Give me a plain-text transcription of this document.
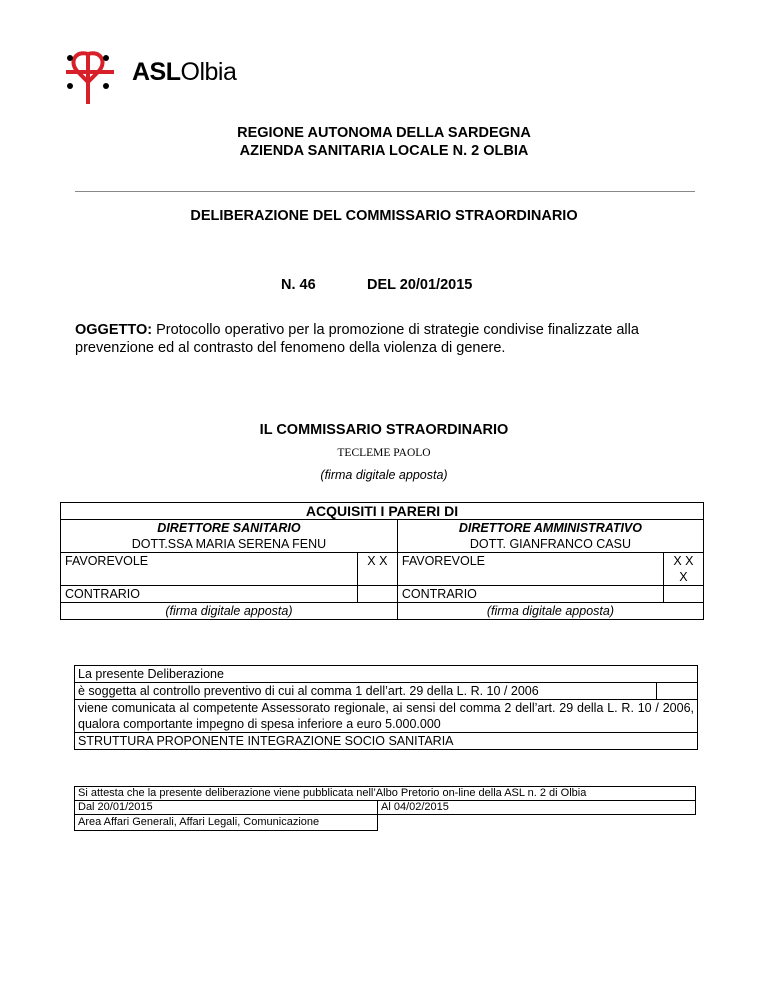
ASLOlbia
REGIONE AUTONOMA DELLA SARDEGNA
AZIENDA SANITARIA LOCALE N. 2 OLBIA
DELIBERAZIONE DEL COMMISSARIO STRAORDINARIO
N. 46	DEL 20/01/2015
OGGETTO: Protocollo operativo per la promozione di strategie condivise finalizzate alla prevenzione ed al contrasto del fenomeno della violenza di genere.
IL COMMISSARIO STRAORDINARIO
TECLEME PAOLO
(firma digitale apposta)
ACQUISITI I PARERI DI			
DIRETTORE SANITARIO		DIRETTORE AMMINISTRATIVO	
DOTT.SSA MARIA SERENA FENU		DOTT. GIANFRANCO CASU	
FAVOREVOLE	X X	FAVOREVOLE	X X
X
CONTRARIO		CONTRARIO	
(firma digitale apposta)		(firma digitale apposta)	
La presente Deliberazione
è soggetta al controllo preventivo di cui al comma 1 dell’art. 29 della L. R. 10 / 2006
viene comunicata al competente Assessorato regionale, ai sensi del comma 2 dell’art. 29 della L. R. 10 / 2006, qualora comportante impegno di spesa inferiore a euro 5.000.000
STRUTTURA PROPONENTE INTEGRAZIONE SOCIO SANITARIA
Si attesta che la presente deliberazione viene pubblicata nell’Albo Pretorio on-line della ASL n. 2 di Olbia	
Dal 20/01/2015	Al 04/02/2015
Area Affari Generali, Affari Legali, Comunicazione	
